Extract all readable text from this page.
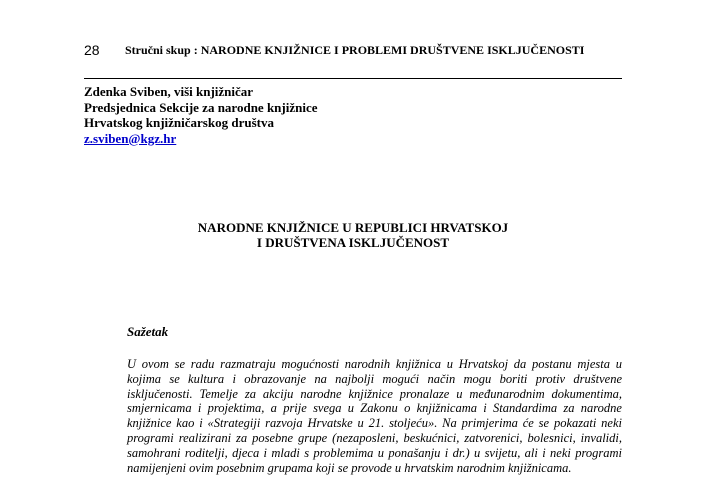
28 Stručni skup : NARODNE KNJIŽNICE I PROBLEMI DRUŠTVENE ISKLJUČENOSTI
Zdenka Sviben, viši knjižničar
Predsjednica Sekcije za narodne knjižnice
Hrvatskog knjižničarskog društva
z.sviben@kgz.hr
NARODNE KNJIŽNICE U REPUBLICI HRVATSKOJ
I DRUŠTVENA ISKLJUČENOST
Sažetak

U ovom se radu razmatraju mogućnosti narodnih knjižnica u Hrvatskoj da postanu mjesta u kojima se kultura i obrazovanje na najbolji mogući način mogu boriti protiv društvene isključenosti. Temelje za akciju narodne knjižnice pronalaze u međunarodnim dokumentima, smjernicama i projektima, a prije svega u Zakonu o knjižnicama i Standardima za narodne knjižnice kao i «Strategiji razvoja Hrvatske u 21. stoljeću». Na primjerima će se pokazati neki programi realizirani za posebne grupe (nezaposleni, beskućnici, zatvorenici, bolesnici, invalidi, samohrani roditelji, djeca i mladi s problemima u ponašanju i dr.) u svijetu, ali i neki programi namijenjeni ovim posebnim grupama koji se provode u hrvatskim narodnim knjižnicama.
